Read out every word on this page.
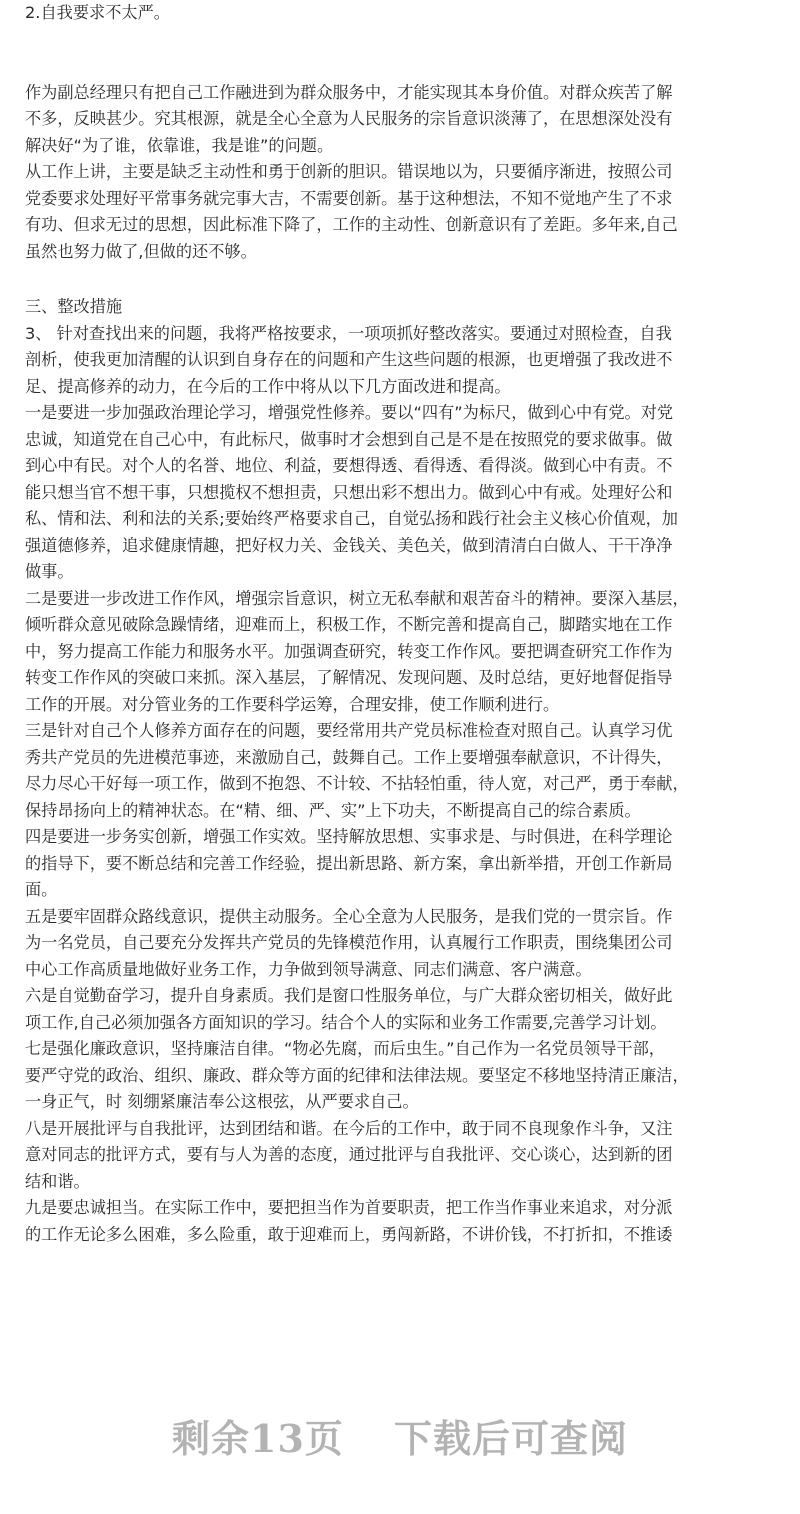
2.自我要求不太严。
作为副总经理只有把自己工作融进到为群众服务中，才能实现其本身价值。对群众疾苦了解
不多，反映甚少。究其根源，就是全心全意为人民服务的宗旨意识淡薄了，在思想深处没有
解决好“为了谁，依靠谁，我是谁”的问题。
从工作上讲，主要是缺乏主动性和勇于创新的胆识。错误地以为，只要循序渐进，按照公司
党委要求处理好平常事务就完事大吉，不需要创新。基于这种想法，不知不觉地产生了不求
有功、但求无过的思想，因此标准下降了，工作的主动性、创新意识有了差距。多年来,自己
虽然也努力做了,但做的还不够。
三、整改措施
3、 针对查找出来的问题，我将严格按要求，一项项抓好整改落实。要通过对照检查，自我
剖析，使我更加清醒的认识到自身存在的问题和产生这些问题的根源，也更增强了我改进不
足、提高修养的动力，在今后的工作中将从以下几方面改进和提高。
一是要进一步加强政治理论学习，增强党性修养。要以“四有”为标尺，做到心中有党。对党
忠诚，知道党在自己心中，有此标尺，做事时才会想到自己是不是在按照党的要求做事。做
到心中有民。对个人的名誉、地位、利益，要想得透、看得透、看得淡。做到心中有责。不
能只想当官不想干事，只想揽权不想担责，只想出彩不想出力。做到心中有戒。处理好公和
私、情和法、利和法的关系;要始终严格要求自己，自觉弘扬和践行社会主义核心价值观，加
强道德修养，追求健康情趣，把好权力关、金钱关、美色关，做到清清白白做人、干干净净
做事。
二是要进一步改进工作作风，增强宗旨意识，树立无私奉献和艰苦奋斗的精神。要深入基层，
倾听群众意见破除急躁情绪，迎难而上，积极工作，不断完善和提高自己，脚踏实地在工作
中，努力提高工作能力和服务水平。加强调查研究，转变工作作风。要把调查研究工作作为
转变工作作风的突破口来抓。深入基层，了解情况、发现问题、及时总结，更好地督促指导
工作的开展。对分管业务的工作要科学运筹，合理安排，使工作顺利进行。
三是针对自己个人修养方面存在的问题，要经常用共产党员标准检查对照自己。认真学习优
秀共产党员的先进模范事迹，来激励自己，鼓舞自己。工作上要增强奉献意识，不计得失，
尽力尽心干好每一项工作，做到不抱怨、不计较、不拈轻怕重，待人宽，对己严，勇于奉献，
保持昂扬向上的精神状态。在“精、细、严、实”上下功夫，不断提高自己的综合素质。
四是要进一步务实创新，增强工作实效。坚持解放思想、实事求是、与时俱进，在科学理论
的指导下，要不断总结和完善工作经验，提出新思路、新方案，拿出新举措，开创工作新局
面。
五是要牢固群众路线意识，提供主动服务。全心全意为人民服务，是我们党的一贯宗旨。作
为一名党员，自己要充分发挥共产党员的先锋模范作用，认真履行工作职责，围绕集团公司
中心工作高质量地做好业务工作，力争做到领导满意、同志们满意、客户满意。
六是自觉勤奋学习，提升自身素质。我们是窗口性服务单位，与广大群众密切相关，做好此
项工作,自己必须加强各方面知识的学习。结合个人的实际和业务工作需要,完善学习计划。
七是强化廉政意识，坚持廉洁自律。“物必先腐，而后虫生。”自己作为一名党员领导干部，
要严守党的政治、组织、廉政、群众等方面的纪律和法律法规。要坚定不移地坚持清正廉洁，
一身正气，时 刻绷紧廉洁奉公这根弦，从严要求自己。
八是开展批评与自我批评，达到团结和谐。在今后的工作中，敢于同不良现象作斗争，又注
意对同志的批评方式，要有与人为善的态度，通过批评与自我批评、交心谈心，达到新的团
结和谐。
九是要忠诚担当。在实际工作中，要把担当作为首要职责，把工作当作事业来追求，对分派
的工作无论多么困难，多么险重，敢于迎难而上，勇闯新路，不讲价钱，不打折扣，不推诿
剩余13页 下载后可查阅
